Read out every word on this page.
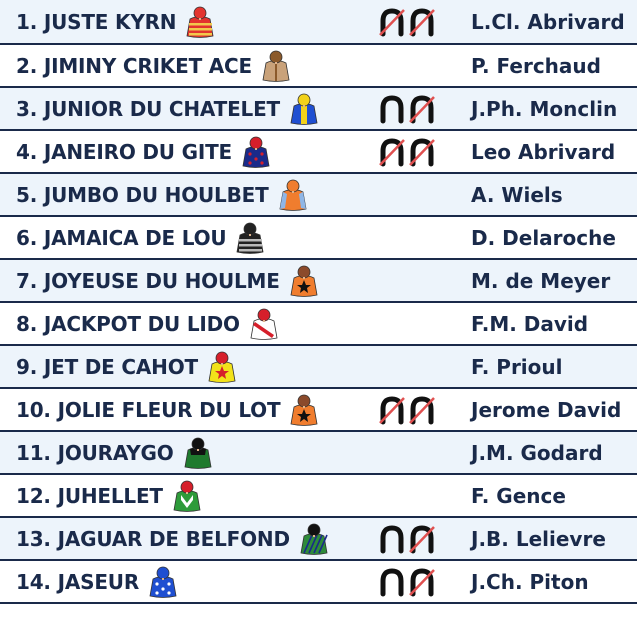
1. JUSTE KYRN	L.Cl. Abrivard
2. JIMINY CRIKET ACE	P. Ferchaud
3. JUNIOR DU CHATELET	J.Ph. Monclin
4. JANEIRO DU GITE	Leo Abrivard
5. JUMBO DU HOULBET	A. Wiels
6. JAMAICA DE LOU	D. Delaroche
7. JOYEUSE DU HOULME	M. de Meyer
8. JACKPOT DU LIDO	F.M. David
9. JET DE CAHOT	F. Prioul
10. JOLIE FLEUR DU LOT	Jerome David
11. JOURAYGO	J.M. Godard
12. JUHELLET	F. Gence
13. JAGUAR DE BELFOND	J.B. Lelievre
14. JASEUR	J.Ch. Piton
